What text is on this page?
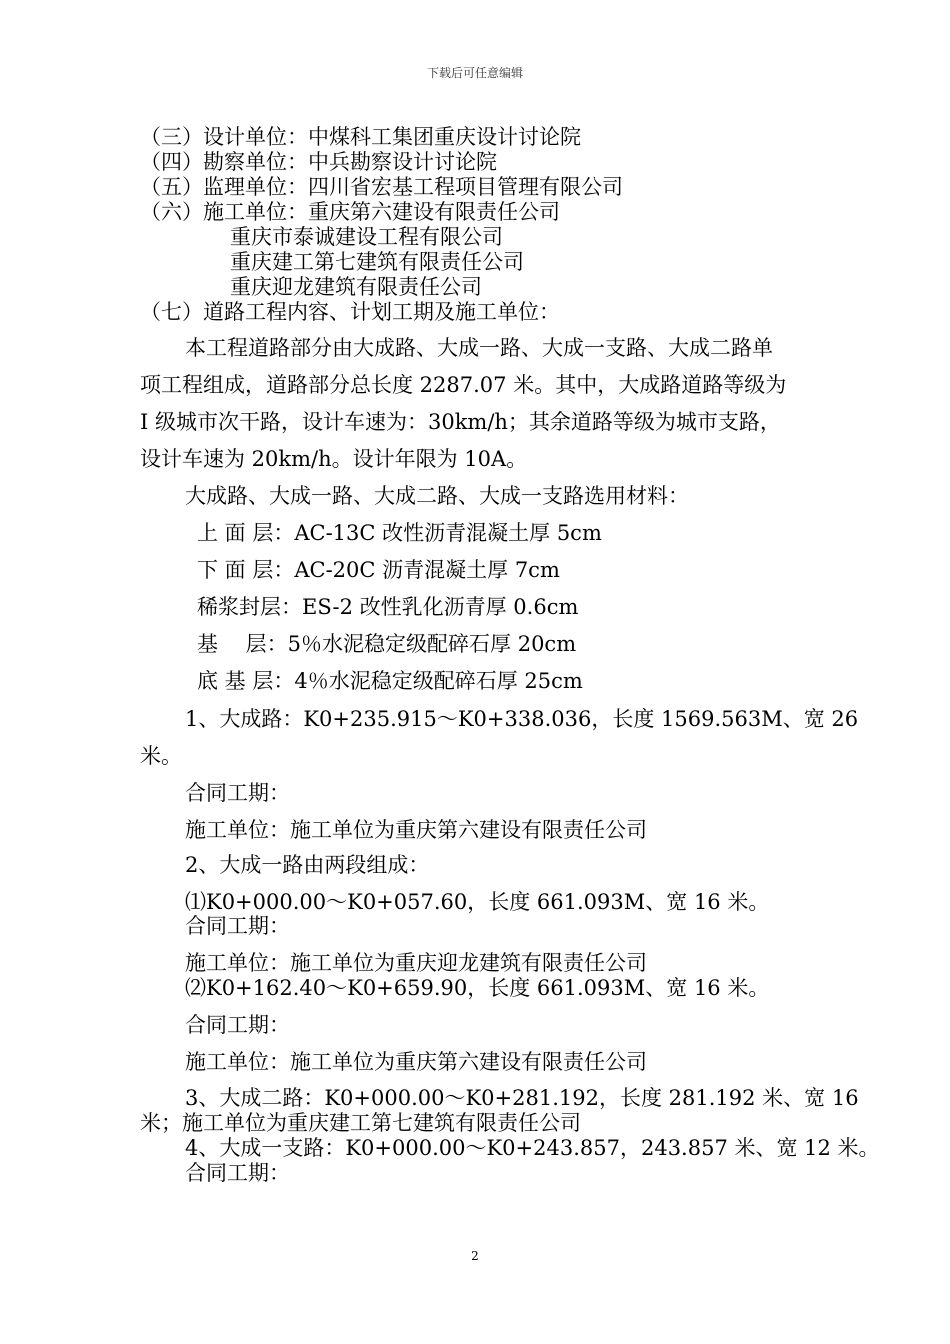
下载后可任意编辑
（三）设计单位：中煤科工集团重庆设计讨论院
（四）勘察单位：中兵勘察设计讨论院
（五）监理单位：四川省宏基工程项目管理有限公司
（六）施工单位：重庆第六建设有限责任公司
重庆市泰诚建设工程有限公司
重庆建工第七建筑有限责任公司
重庆迎龙建筑有限责任公司
（七）道路工程内容、计划工期及施工单位：
本工程道路部分由大成路、大成一路、大成一支路、大成二路单
项工程组成，道路部分总长度 2287.07 米。其中，大成路道路等级为
I 级城市次干路，设计车速为：30km/h；其余道路等级为城市支路，
设计车速为 20km/h。设计年限为 10A。
大成路、大成一路、大成二路、大成一支路选用材料：
上 面 层：AC-13C 改性沥青混凝土厚 5cm
下 面 层：AC-20C 沥青混凝土厚 7cm
稀浆封层：ES-2 改性乳化沥青厚 0.6cm
基　 层：5％水泥稳定级配碎石厚 20cm
底 基 层：4％水泥稳定级配碎石厚 25cm
1、大成路：K0+235.915～K0+338.036，长度 1569.563M、宽 26
米。
合同工期：
施工单位：施工单位为重庆第六建设有限责任公司
2、大成一路由两段组成：
⑴K0+000.00～K0+057.60，长度 661.093M、宽 16 米。
合同工期：
施工单位：施工单位为重庆迎龙建筑有限责任公司
⑵K0+162.40～K0+659.90，长度 661.093M、宽 16 米。
合同工期：
施工单位：施工单位为重庆第六建设有限责任公司
3、大成二路：K0+000.00～K0+281.192，长度 281.192 米、宽 16
米；施工单位为重庆建工第七建筑有限责任公司
4、大成一支路：K0+000.00～K0+243.857，243.857 米、宽 12 米。
合同工期：
2
